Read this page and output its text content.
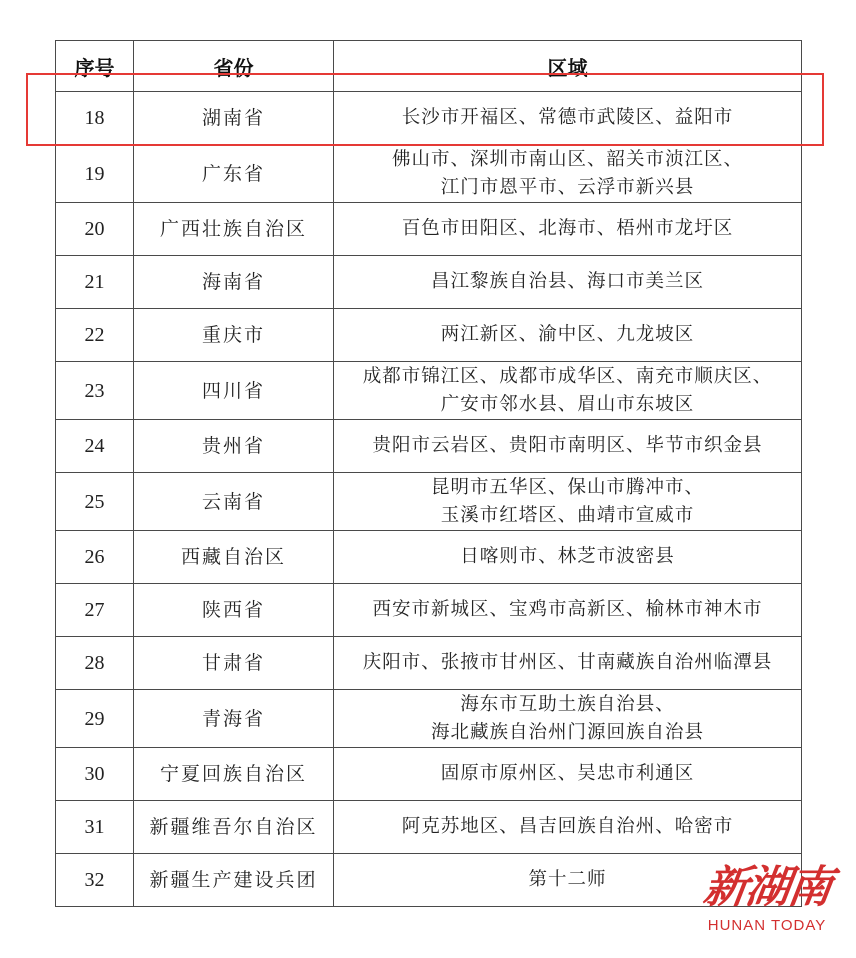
序号	省份	区域
18	湖南省	长沙市开福区、常德市武陵区、益阳市

19	广东省	佛山市、深圳市南山区、韶关市浈江区、
江门市恩平市、云浮市新兴县

20	广西壮族自治区	百色市田阳区、北海市、梧州市龙圩区

21	海南省	昌江黎族自治县、海口市美兰区

22	重庆市	两江新区、渝中区、九龙坡区

23	四川省	成都市锦江区、成都市成华区、南充市顺庆区、
广安市邻水县、眉山市东坡区

24	贵州省	贵阳市云岩区、贵阳市南明区、毕节市织金县

25	云南省	昆明市五华区、保山市腾冲市、
玉溪市红塔区、曲靖市宣威市

26	西藏自治区	日喀则市、林芝市波密县

27	陕西省	西安市新城区、宝鸡市高新区、榆林市神木市

28	甘肃省	庆阳市、张掖市甘州区、甘南藏族自治州临潭县

29	青海省	海东市互助土族自治县、
海北藏族自治州门源回族自治县

30	宁夏回族自治区	固原市原州区、吴忠市利通区

31	新疆维吾尔自治区	阿克苏地区、昌吉回族自治州、哈密市

32	新疆生产建设兵团	第十二师	新湖南
HUNAN TODAY
